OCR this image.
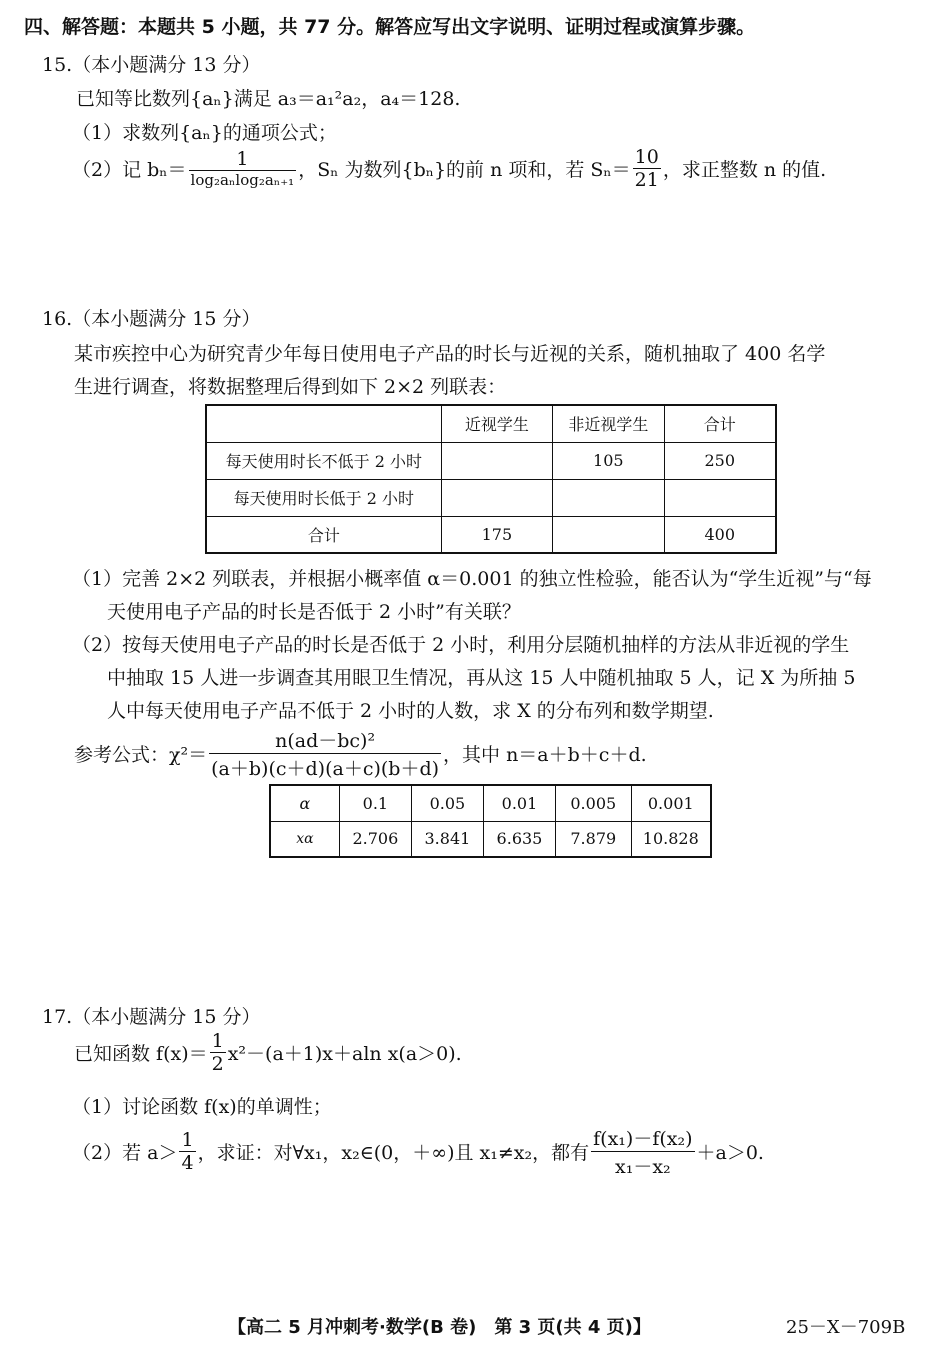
四、解答题：本题共 5 小题，共 77 分。解答应写出文字说明、证明过程或演算步骤。
15.（本小题满分 13 分）
已知等比数列{aₙ}满足 a₃＝a₁²a₂，a₄＝128.
（1）求数列{aₙ}的通项公式；
（2）记 $b_n= \frac{1}{\text{log₂aₙlog₂aₙ₊₁}}$ ，Sₙ 为数列{bₙ}的前 n 项和，若 $S_n= \frac{10}{21}$ ，求正整数 n 的值.
16.（本小题满分 15 分）
某市疾控中心为研究青少年每日使用电子产品的时长与近视的关系，随机抽取了 400 名学
生进行调查，将数据整理后得到如下 2×2 列联表：
	近视学生	非近视学生	合计
每天使用时长不低于 2 小时		105	250
每天使用时长低于 2 小时			
合计	175		400
（1）完善 2×2 列联表，并根据小概率值 α＝0.001 的独立性检验，能否认为“学生近视”与“每
天使用电子产品的时长是否低于 2 小时”有关联？
（2）按每天使用电子产品的时长是否低于 2 小时，利用分层随机抽样的方法从非近视的学生
中抽取 15 人进一步调查其用眼卫生情况，再从这 15 人中随机抽取 5 人，记 X 为所抽 5
人中每天使用电子产品不低于 2 小时的人数，求 X 的分布列和数学期望.
参考公式：$\chi^2= \frac{\text{n(ad－bc)²}}{(a+b)(c+d)(a+c)(b+d)}$ ，其中 n＝a＋b＋c＋d.
α	0.1	0.05	0.01	0.005	0.001
xα	2.706	3.841	6.635	7.879	10.828
17.（本小题满分 15 分）
已知函数 $f(x)= \frac{1}{2} x^2-(a+1)x+aln$ x(a＞0).
（1）讨论函数 f(x)的单调性；
（2）若 $a> \frac{1}{4}$ ，求证：对∀x₁，x₂∈(0，＋∞)且 x₁≠x₂，都有 $\frac{\text{f(x₁)－f(x₂)}}{\text{x₁－x₂}} +a>0$.
【高二 5 月冲刺考·数学(B 卷)　第 3 页(共 4 页)】	25－X－709B
